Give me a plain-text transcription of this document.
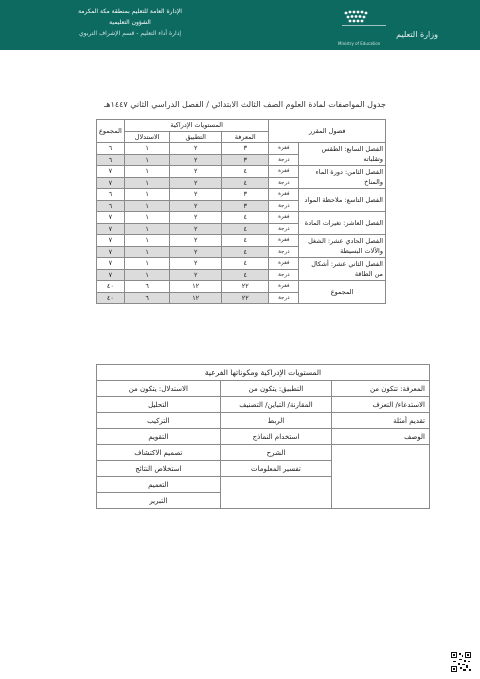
وزارة التعليم
Ministry of Education
الإدارة العامة للتعليم بمنطقة مكة المكرمة
الشؤون التعليمية
إدارة أداء التعليم - قسم الإشراف التربوي
جدول المواصفات لمادة العلوم الصف الثالث الابتدائي / الفصل الدراسي الثاني ١٤٤٧هـ
فصول المقرر		المستويات الإدراكية			المجموع
		المعرفة	التطبيق	الاستدلال	
الفصل السابع: الطقس وتقلباته	فقرة	٣	٢	١	٦
	درجة	٣	٢	١	٦
الفصل الثامن: دورة الماء والمناخ	فقرة	٤	٢	١	٧
	درجة	٤	٢	١	٧
الفصل التاسع: ملاحظة المواد	فقرة	٣	٢	١	٦
	درجة	٣	٢	١	٦
الفصل العاشر: تغيرات المادة	فقرة	٤	٢	١	٧
	درجة	٤	٢	١	٧
الفصل الحادي عشر: الشغل والآلات البسيطة	فقرة	٤	٢	١	٧
	درجة	٤	٢	١	٧
الفصل الثاني عشر: أشكال من الطاقة	فقرة	٤	٢	١	٧
	درجة	٤	٢	١	٧
المجموع	فقرة	٢٢	١٢	٦	٤٠
	درجة	٢٢	١٢	٦	٤٠
المستويات الإدراكية ومكوناتها الفرعية		
المعرفة: تتكون من	التطبيق: يتكون من	الاستدلال: يتكون من
الاستدعاء/ التعرف	المقارنة/ التباين/ التصنيف	التحليل
تقديم أمثلة	الربط	التركيب
الوصف	استخدام النماذج	التقويم
	الشرح	تصميم الاكتشاف
	تفسير المعلومات	استخلاص النتائج
		التعميم
		التبرير
